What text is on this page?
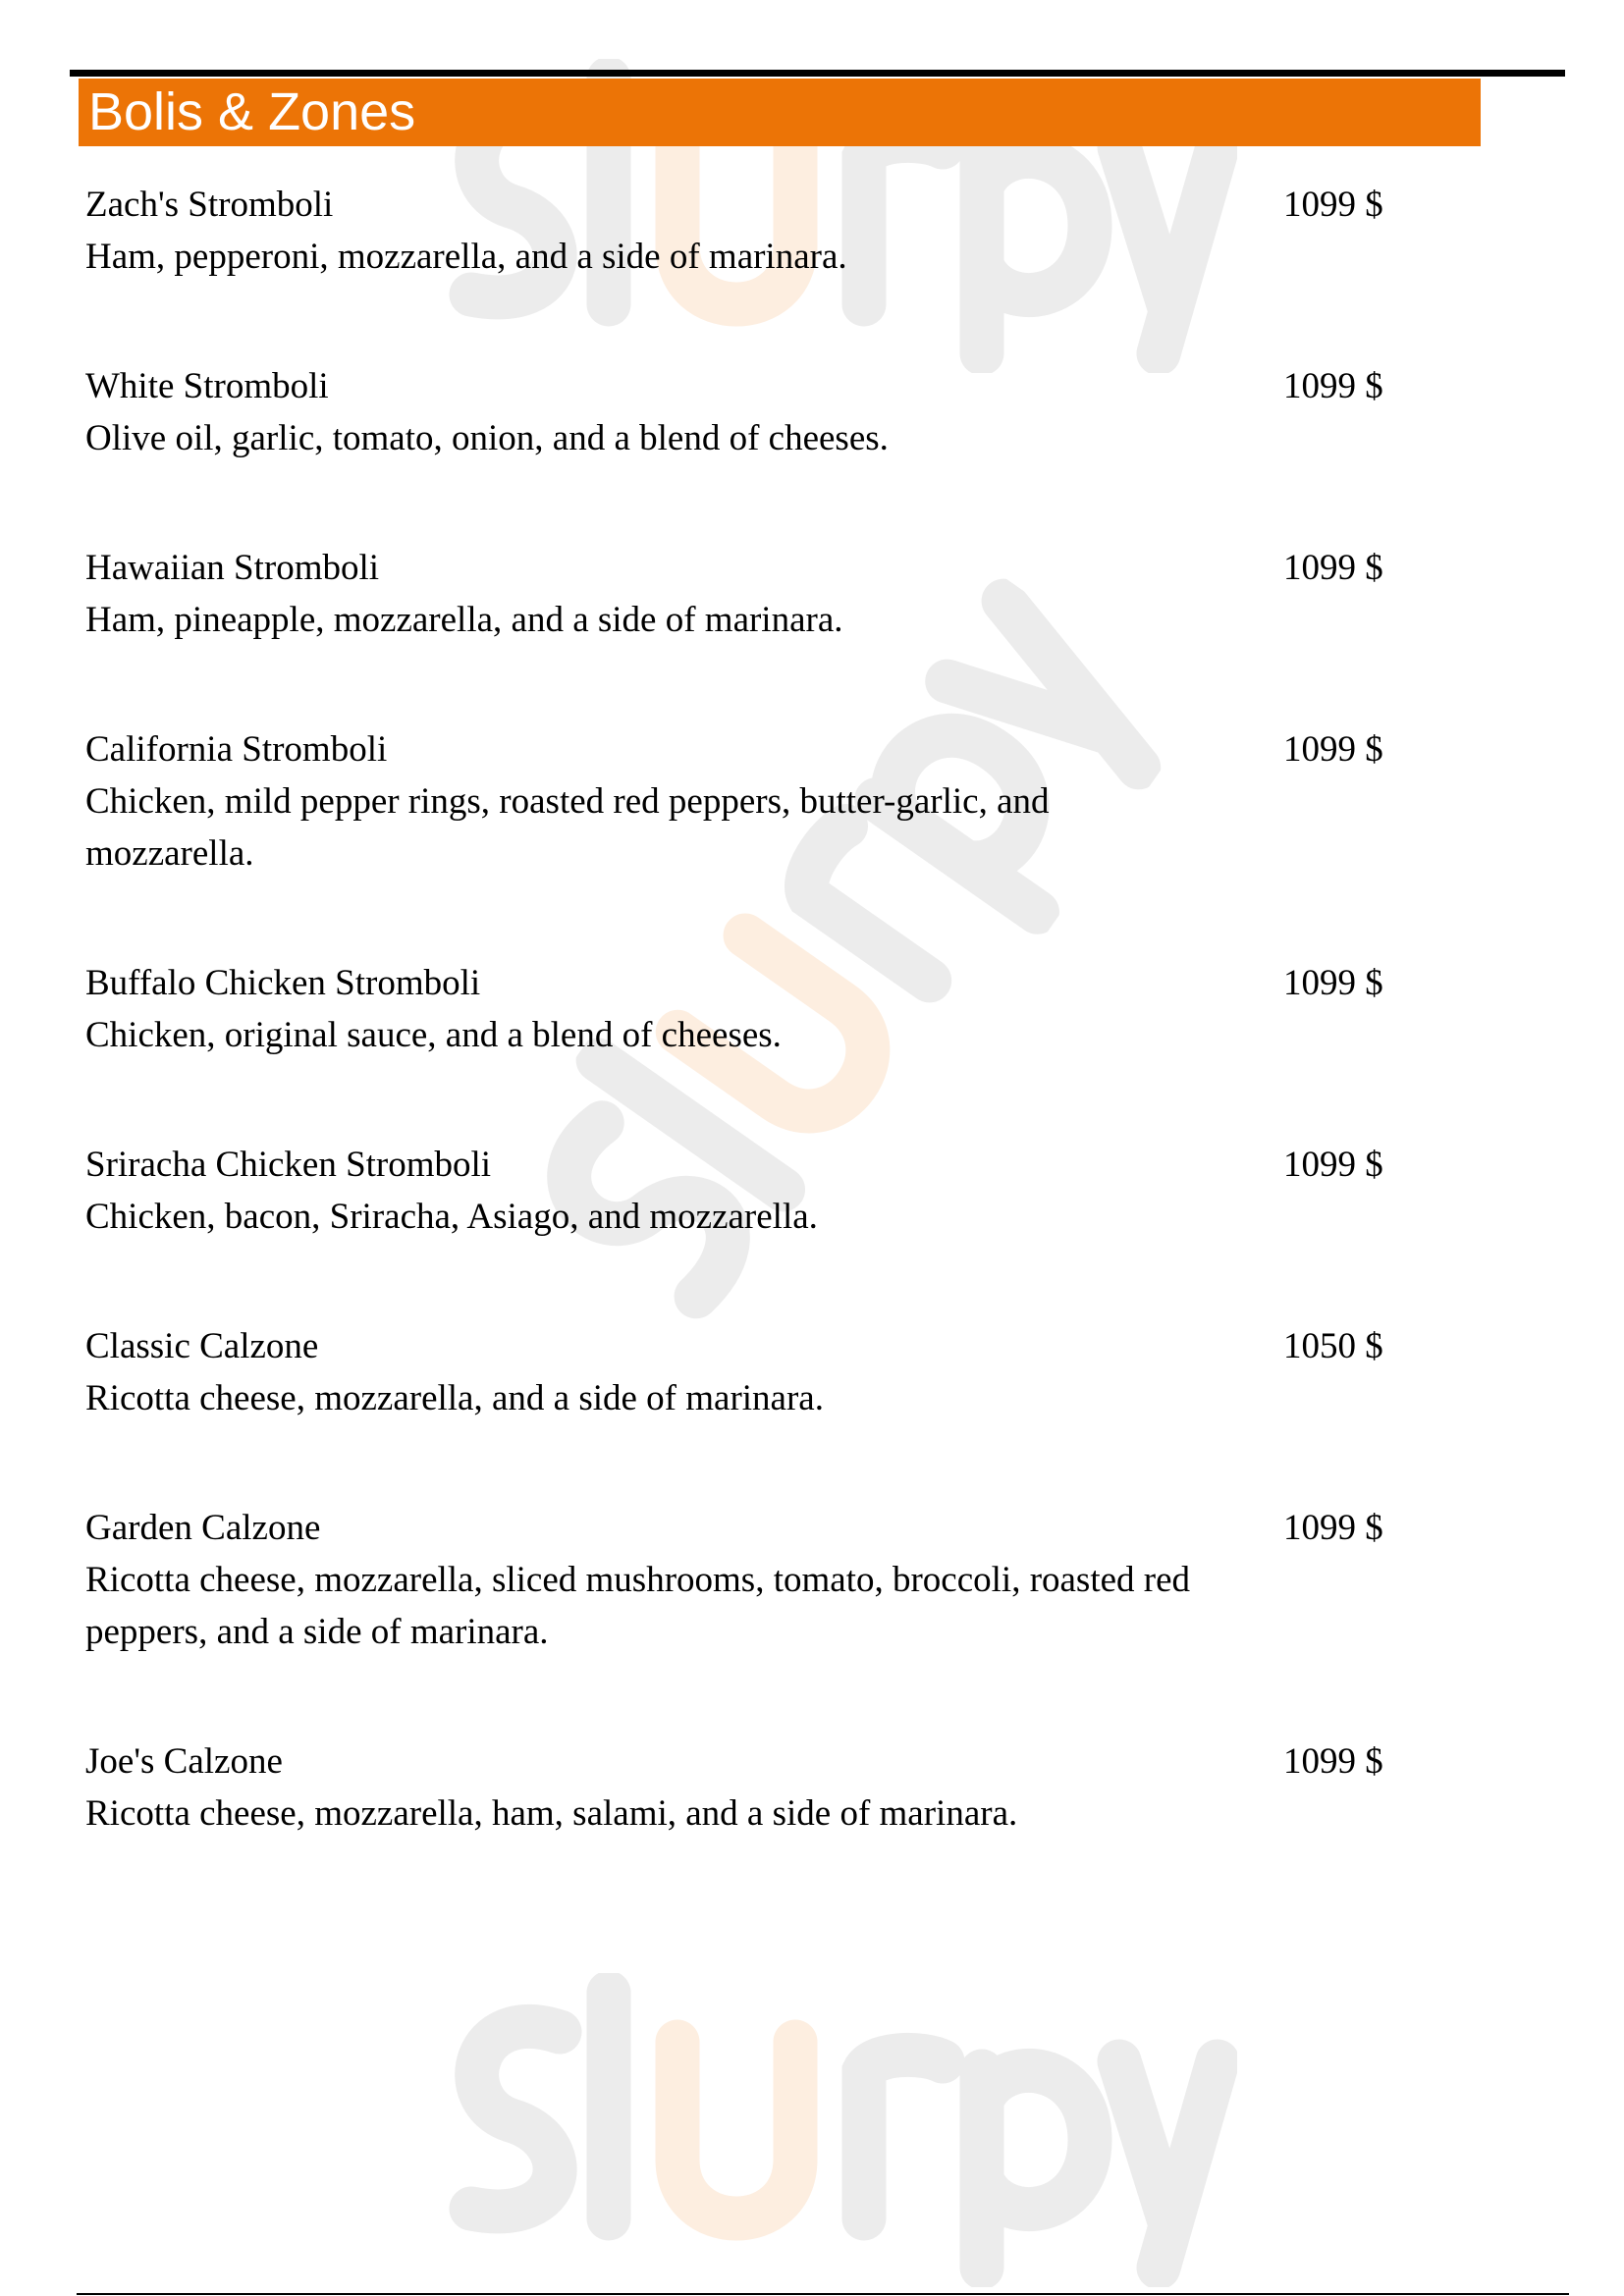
Bolis & Zones
Zach's Stromboli
Ham, pepperoni, mozzarella, and a side of marinara.
1099 $
White Stromboli
Olive oil, garlic, tomato, onion, and a blend of cheeses.
1099 $
Hawaiian Stromboli
Ham, pineapple, mozzarella, and a side of marinara.
1099 $
California Stromboli
Chicken, mild pepper rings, roasted red peppers, butter-garlic, and mozzarella.
1099 $
Buffalo Chicken Stromboli
Chicken, original sauce, and a blend of cheeses.
1099 $
Sriracha Chicken Stromboli
Chicken, bacon, Sriracha, Asiago, and mozzarella.
1099 $
Classic Calzone
Ricotta cheese, mozzarella, and a side of marinara.
1050 $
Garden Calzone
Ricotta cheese, mozzarella, sliced mushrooms, tomato, broccoli, roasted red peppers, and a side of marinara.
1099 $
Joe's Calzone
Ricotta cheese, mozzarella, ham, salami, and a side of marinara.
1099 $
